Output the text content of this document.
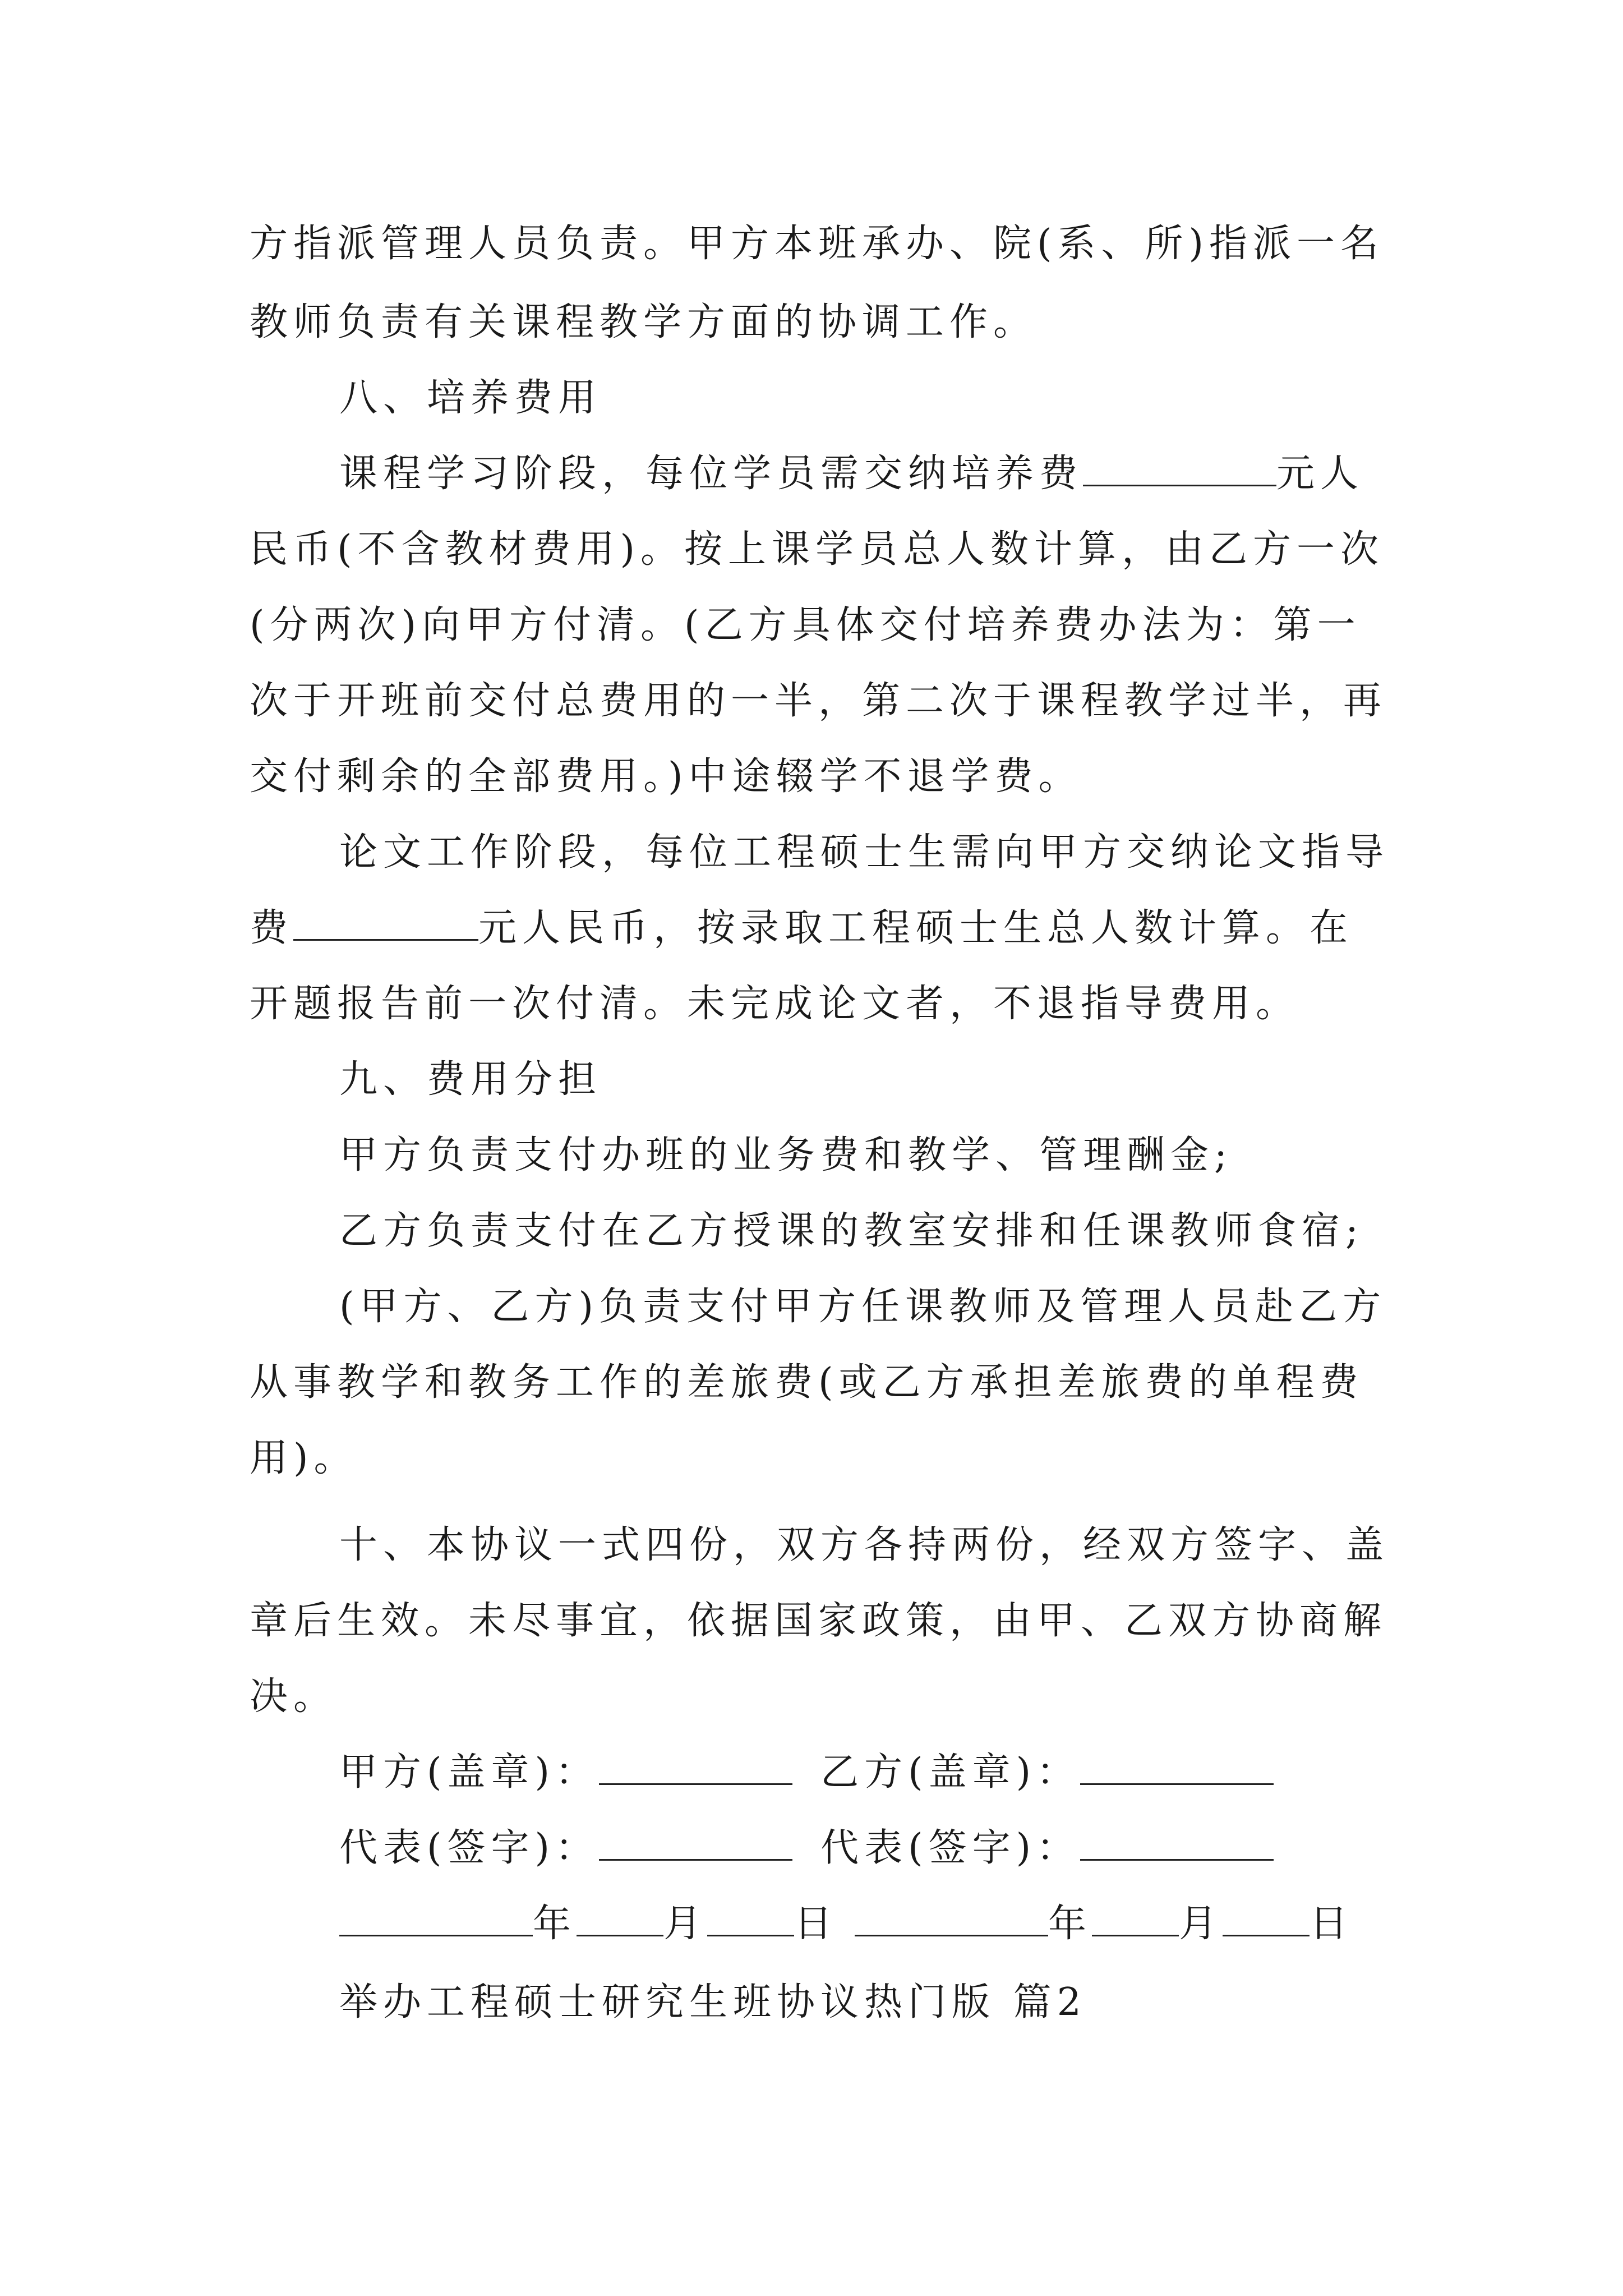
方指派管理人员负责。甲方本班承办、院(系、所)指派一名
教师负责有关课程教学方面的协调工作。
八、培养费用
课程学习阶段，每位学员需交纳培养费	元人
民币(不含教材费用)。按上课学员总人数计算，由乙方一次
(分两次)向甲方付清。(乙方具体交付培养费办法为：第一
次于开班前交付总费用的一半，第二次于课程教学过半，再
交付剩余的全部费用。)中途辍学不退学费。
论文工作阶段，每位工程硕士生需向甲方交纳论文指导
费	元人民币，按录取工程硕士生总人数计算。在
开题报告前一次付清。未完成论文者，不退指导费用。
九、费用分担
甲方负责支付办班的业务费和教学、管理酬金;
乙方负责支付在乙方授课的教室安排和任课教师食宿;
(甲方、乙方)负责支付甲方任课教师及管理人员赴乙方
从事教学和教务工作的差旅费(或乙方承担差旅费的单程费
用)。
十、本协议一式四份，双方各持两份，经双方签字、盖
章后生效。未尽事宜，依据国家政策，由甲、乙双方协商解
决。
甲方(盖章)：	乙方(盖章)：
代表(签字)：	代表(签字)：
年 月 日	年 月 日
举办工程硕士研究生班协议热门版 篇2
